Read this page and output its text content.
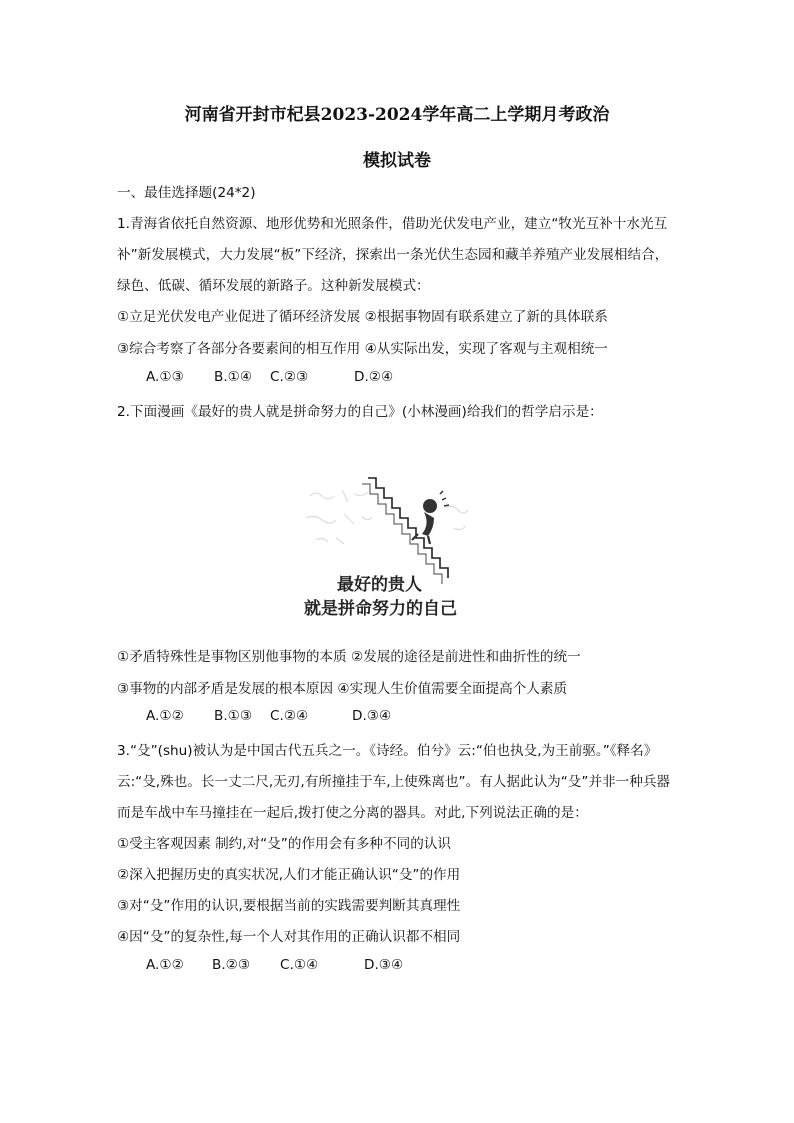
河南省开封市杞县2023-2024学年高二上学期月考政治
模拟试卷
一、最佳选择题(24*2)
1.青海省依托自然资源、地形优势和光照条件，借助光伏发电产业，建立“牧光互补十水光互
补”新发展模式，大力发展“板”下经济，探索出一条光伏生态园和藏羊养殖产业发展相结合，
绿色、低碳、循环发展的新路子。这种新发展模式：
①立足光伏发电产业促进了循环经济发展 ②根据事物固有联系建立了新的具体联系
③综合考察了各部分各要素间的相互作用 ④从实际出发，实现了客观与主观相统一
A.①③ B.①④ C.②③	D.②④
2.下面漫画《最好的贵人就是拼命努力的自己》(小林漫画)给我们的哲学启示是：
最好的贵人
就是拼命努力的自己
①矛盾特殊性是事物区别他事物的本质 ②发展的途径是前进性和曲折性的统一
③事物的内部矛盾是发展的根本原因 ④实现人生价值需要全面提高个人素质
A.①② B.①③ C.②④	D.③④
3.“殳”(shu)被认为是中国古代五兵之一。《诗经。伯兮》云:“伯也执殳,为王前驱。”《释名》
云:“殳,殊也。长一丈二尺,无刃,有所撞挂于车,上使殊离也”。有人据此认为“殳”并非一种兵器
而是车战中车马撞挂在一起后,拨打使之分离的器具。对此,下列说法正确的是：
①受主客观因素 制约,对“殳”的作用会有多种不同的认识
②深入把握历史的真实状况,人们才能正确认识“殳”的作用
③对“殳”作用的认识,要根据当前的实践需要判断其真理性
④因“殳”的复杂性,每一个人对其作用的正确认识都不相同
A.①② B.②③ C.①④	D.③④
